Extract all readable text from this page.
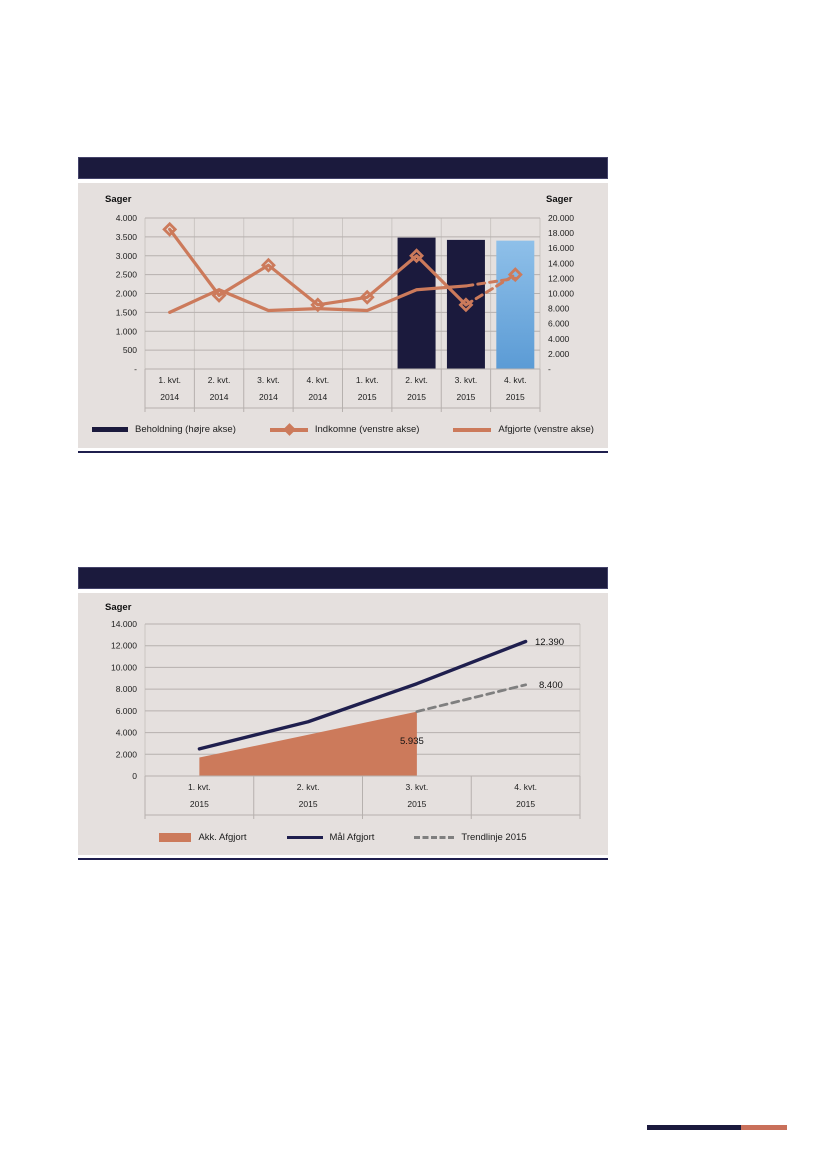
Sager	Sager
4.000
3.500
3.000
2.500
2.000
1.500
1.000
500
-
20.000
18.000
16.000
14.000
12.000
10.000
8.000
6.000
4.000
2.000
-
1. kvt.
2014
2. kvt.
2014
3. kvt.
2014
4. kvt.
2014
1. kvt.
2015
2. kvt.
2015
3. kvt.
2015
4. kvt.
2015
Beholdning (højre akse)	Indkomne (venstre akse)	Afgjorte (venstre akse)
Sager
14.000
12.000
10.000
8.000
6.000
4.000
2.000
0
1. kvt.
2015
2. kvt.
2015
3. kvt.
2015
4. kvt.
2015
12.390
8.400
5.935
Akk. Afgjort	Mål Afgjort	Trendlinje 2015
